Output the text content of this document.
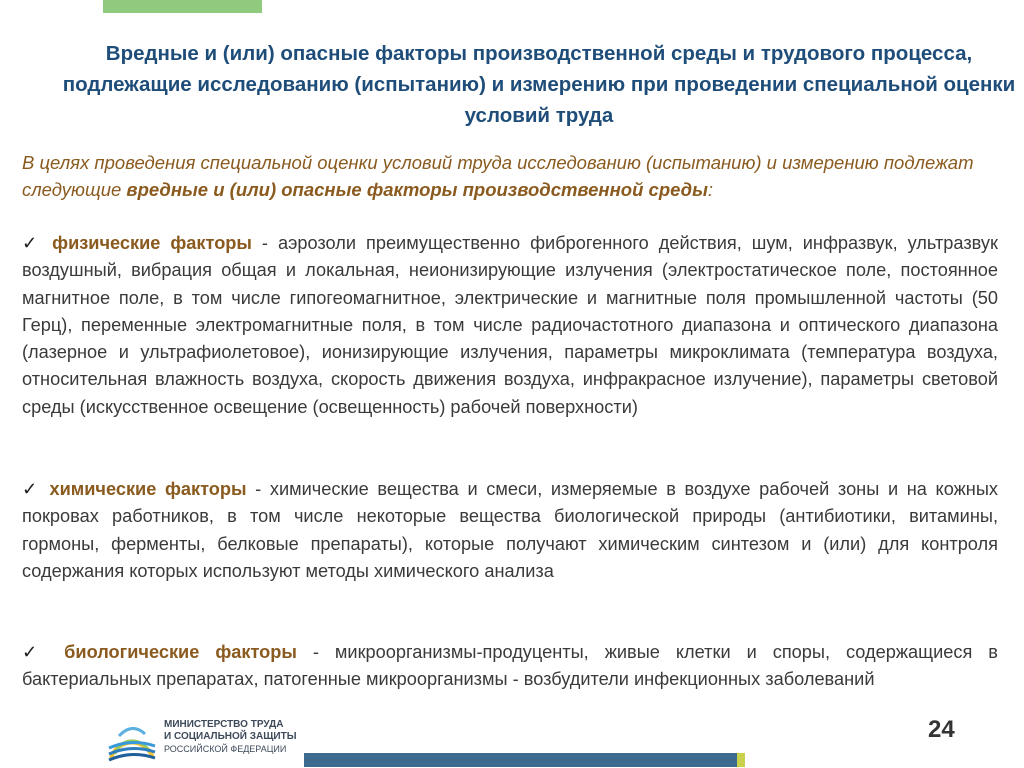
Вредные и (или) опасные факторы производственной среды и трудового процесса, подлежащие исследованию (испытанию) и измерению при проведении специальной оценки условий труда
В целях проведения специальной оценки условий труда исследованию (испытанию) и измерению подлежат следующие вредные и (или) опасные факторы производственной среды:
✓ физические факторы - аэрозоли преимущественно фиброгенного действия, шум, инфразвук, ультразвук воздушный, вибрация общая и локальная, неионизирующие излучения (электростатическое поле, постоянное магнитное поле, в том числе гипогеомагнитное, электрические и магнитные поля промышленной частоты (50 Герц), переменные электромагнитные поля, в том числе радиочастотного диапазона и оптического диапазона (лазерное и ультрафиолетовое), ионизирующие излучения, параметры микроклимата (температура воздуха, относительная влажность воздуха, скорость движения воздуха, инфракрасное излучение), параметры световой среды (искусственное освещение (освещенность) рабочей поверхности)
✓ химические факторы - химические вещества и смеси, измеряемые в воздухе рабочей зоны и на кожных покровах работников, в том числе некоторые вещества биологической природы (антибиотики, витамины, гормоны, ферменты, белковые препараты), которые получают химическим синтезом и (или) для контроля содержания которых используют методы химического анализа
✓ биологические факторы - микроорганизмы-продуценты, живые клетки и споры, содержащиеся в бактериальных препаратах, патогенные микроорганизмы - возбудители инфекционных заболеваний
МИНИСТЕРСТВО ТРУДА
И СОЦИАЛЬНОЙ ЗАЩИТЫ
РОССИЙСКОЙ ФЕДЕРАЦИИ
24
